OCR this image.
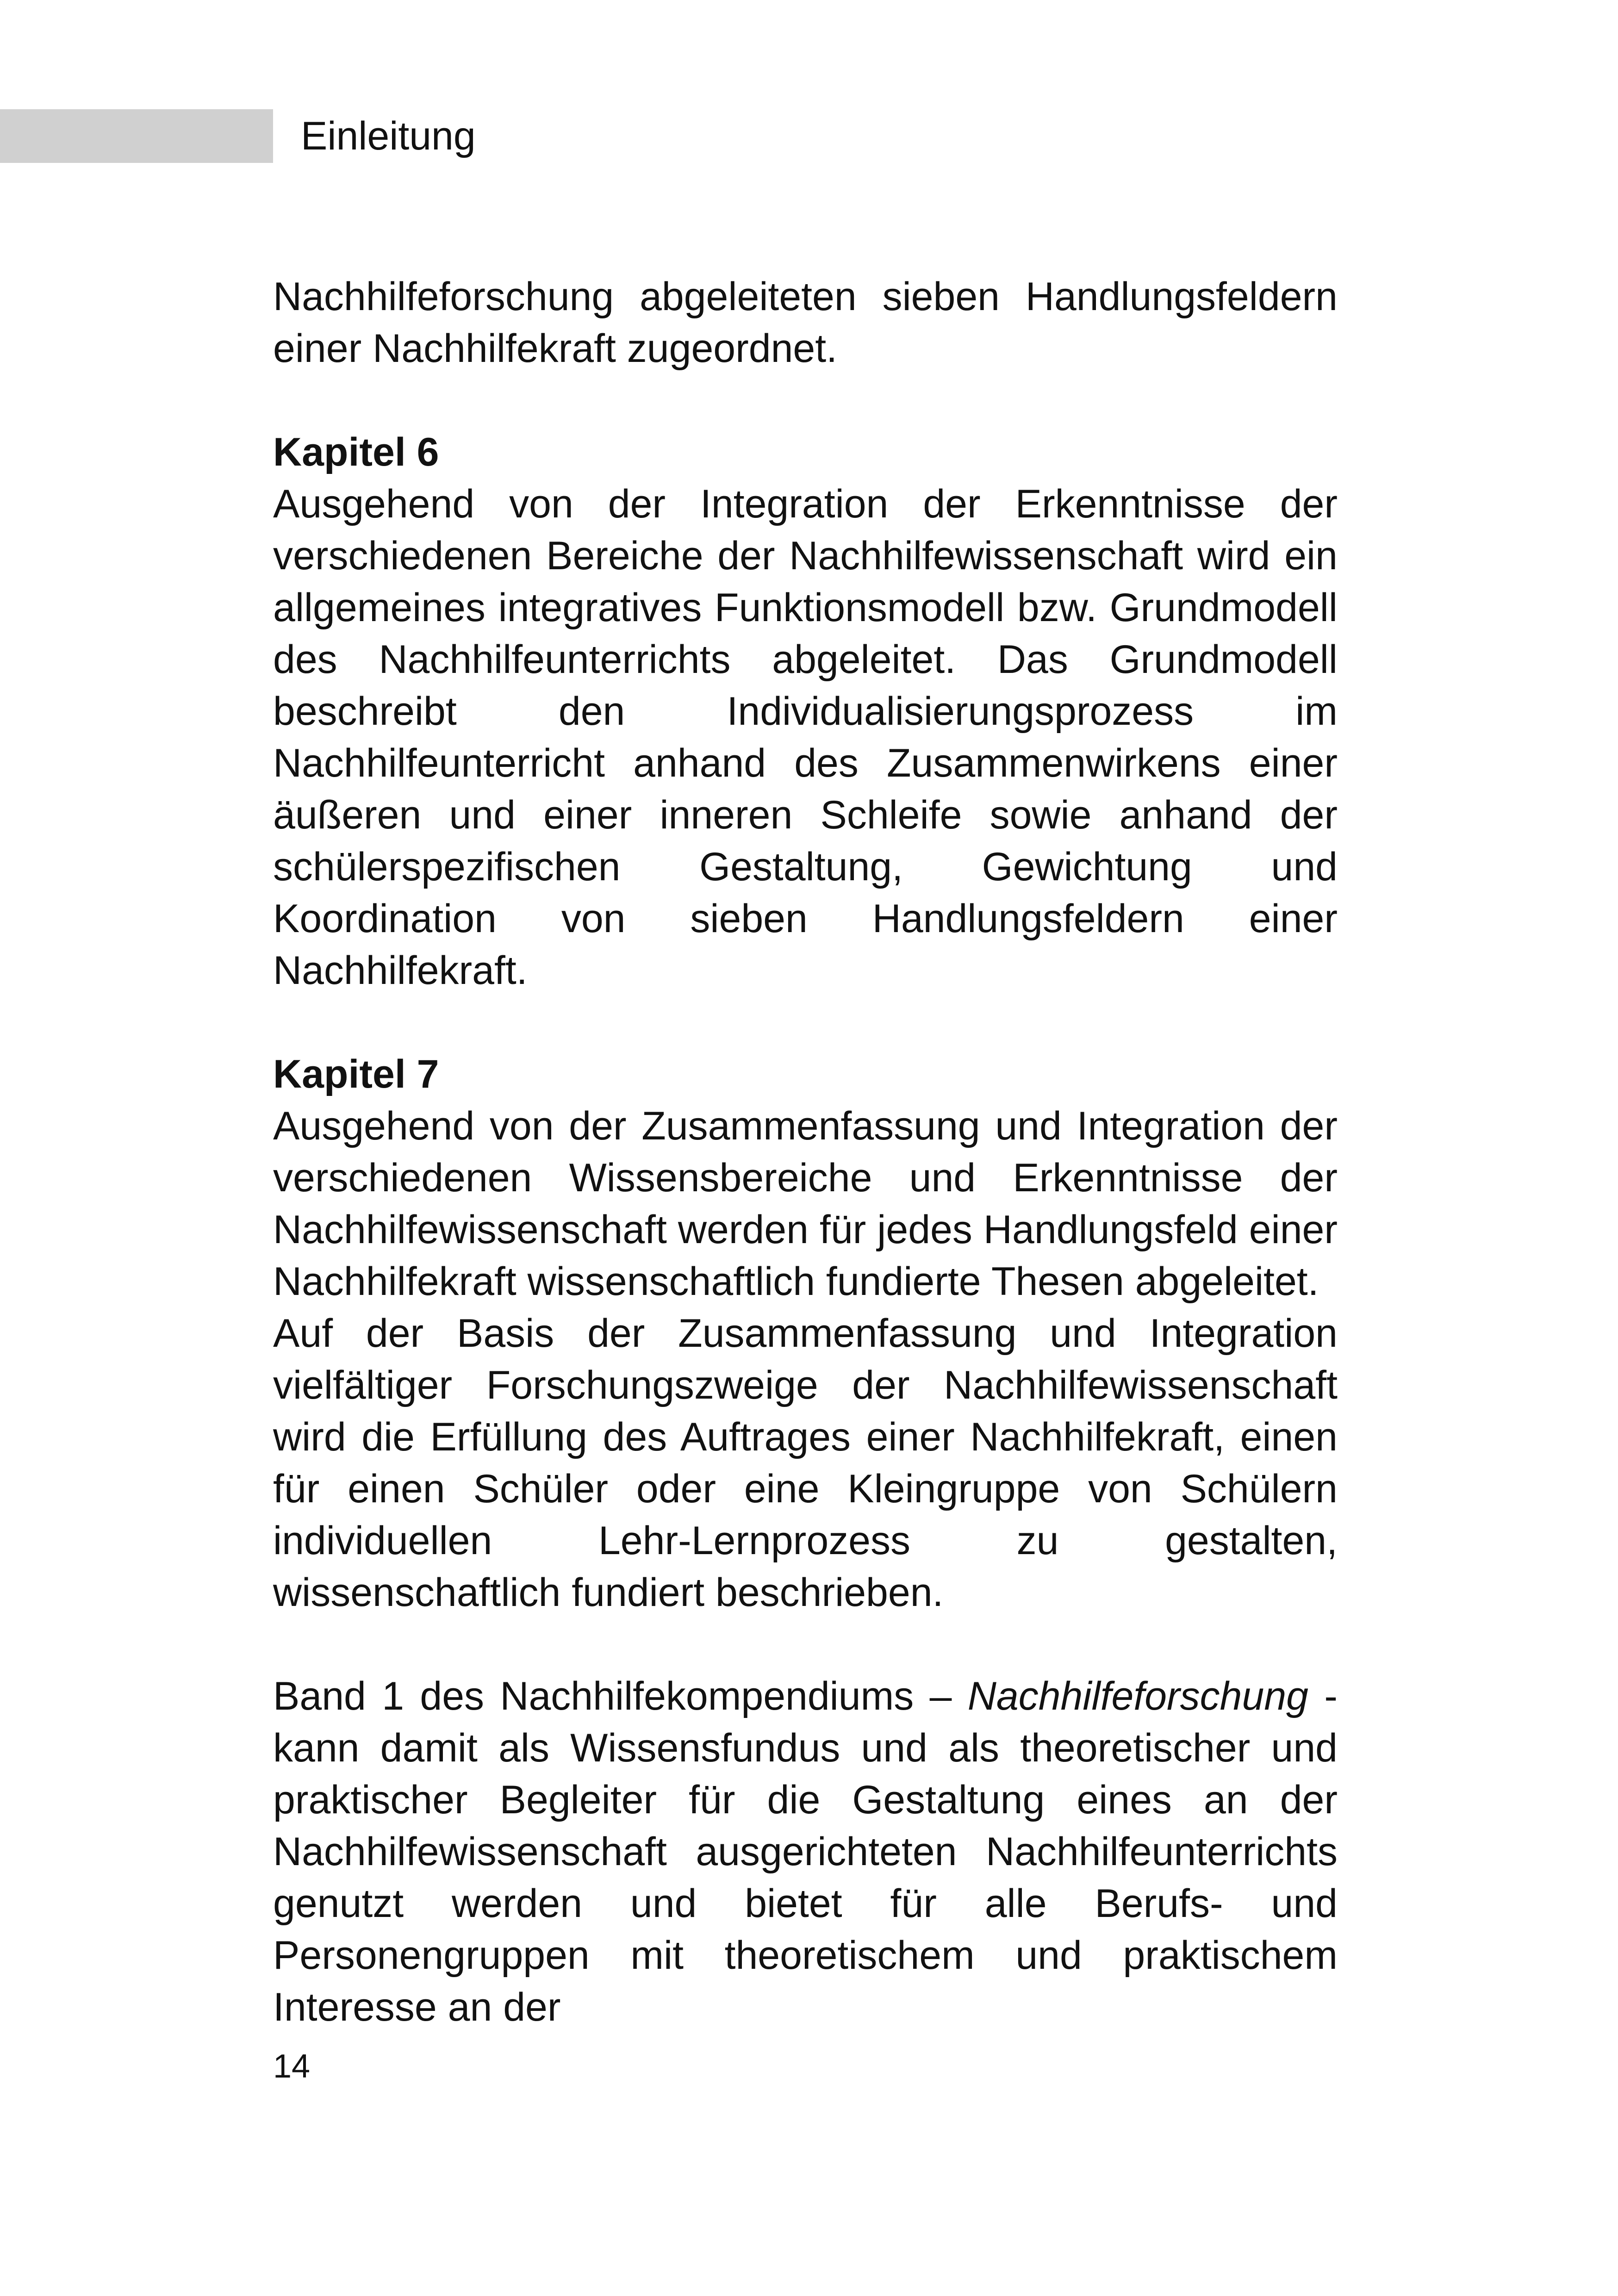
Einleitung

Nachhilfeforschung abgeleiteten sieben Handlungsfeldern einer Nachhilfekraft zugeordnet.

Kapitel 6

Ausgehend von der Integration der Erkenntnisse der verschiedenen Bereiche der Nachhilfewissenschaft wird ein allgemeines integratives Funktionsmodell bzw. Grundmodell des Nachhilfeunterrichts abgeleitet. Das Grundmodell beschreibt den Individualisierungsprozess im Nachhilfeunterricht anhand des Zusammenwirkens einer äußeren und einer inneren Schleife sowie anhand der schülerspezifischen Gestaltung, Gewichtung und Koordination von sieben Handlungsfeldern einer Nachhilfekraft.

Kapitel 7

Ausgehend von der Zusammenfassung und Integration der verschiedenen Wissensbereiche und Erkenntnisse der Nachhilfewissenschaft werden für jedes Handlungsfeld einer Nachhilfekraft wissenschaftlich fundierte Thesen abgeleitet.

Auf der Basis der Zusammenfassung und Integration vielfältiger Forschungszweige der Nachhilfewissenschaft wird die Erfüllung des Auftrages einer Nachhilfekraft, einen für einen Schüler oder eine Kleingruppe von Schülern individuellen Lehr-Lernprozess zu gestalten, wissenschaftlich fundiert beschrieben.

Band 1 des Nachhilfekompendiums – Nachhilfeforschung - kann damit als Wissensfundus und als theoretischer und praktischer Begleiter für die Gestaltung eines an der Nachhilfewissenschaft ausgerichteten Nachhilfeunterrichts genutzt werden und bietet für alle Berufs- und Personengruppen mit theoretischem und praktischem Interesse an der

14
